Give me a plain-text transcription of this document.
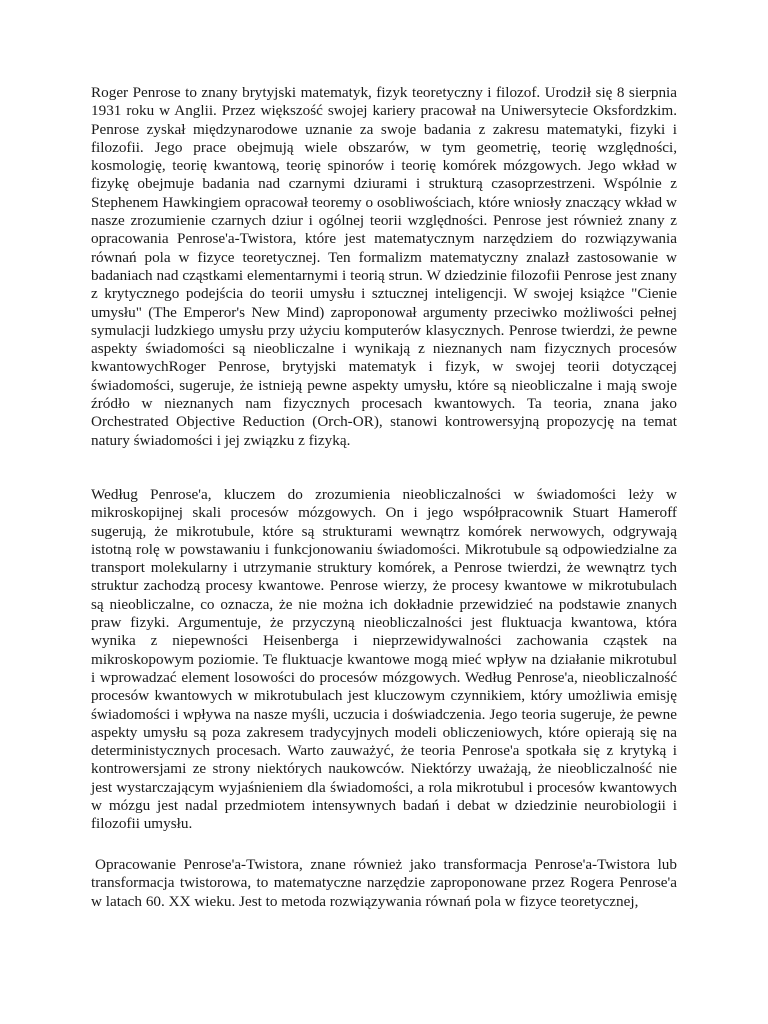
Roger Penrose to znany brytyjski matematyk, fizyk teoretyczny i filozof. Urodził się 8 sierpnia 1931 roku w Anglii. Przez większość swojej kariery pracował na Uniwersytecie Oksfordzkim. Penrose zyskał międzynarodowe uznanie za swoje badania z zakresu matematyki, fizyki i filozofii. Jego prace obejmują wiele obszarów, w tym geometrię, teorię względności, kosmologię, teorię kwantową, teorię spinorów i teorię komórek mózgowych. Jego wkład w fizykę obejmuje badania nad czarnymi dziurami i strukturą czasoprzestrzeni. Wspólnie z Stephenem Hawkingiem opracował teoremy o osobliwościach, które wniosły znaczący wkład w nasze zrozumienie czarnych dziur i ogólnej teorii względności. Penrose jest również znany z opracowania Penrose'a-Twistora, które jest matematycznym narzędziem do rozwiązywania równań pola w fizyce teoretycznej. Ten formalizm matematyczny znalazł zastosowanie w badaniach nad cząstkami elementarnymi i teorią strun. W dziedzinie filozofii Penrose jest znany z krytycznego podejścia do teorii umysłu i sztucznej inteligencji. W swojej książce "Cienie umysłu" (The Emperor's New Mind) zaproponował argumenty przeciwko możliwości pełnej symulacji ludzkiego umysłu przy użyciu komputerów klasycznych. Penrose twierdzi, że pewne aspekty świadomości są nieobliczalne i wynikają z nieznanych nam fizycznych procesów kwantowychRoger Penrose, brytyjski matematyk i fizyk, w swojej teorii dotyczącej świadomości, sugeruje, że istnieją pewne aspekty umysłu, które są nieobliczalne i mają swoje źródło w nieznanych nam fizycznych procesach kwantowych. Ta teoria, znana jako Orchestrated Objective Reduction (Orch-OR), stanowi kontrowersyjną propozycję na temat natury świadomości i jej związku z fizyką.

Według Penrose'a, kluczem do zrozumienia nieobliczalności w świadomości leży w mikroskopijnej skali procesów mózgowych. On i jego współpracownik Stuart Hameroff sugerują, że mikrotubule, które są strukturami wewnątrz komórek nerwowych, odgrywają istotną rolę w powstawaniu i funkcjonowaniu świadomości. Mikrotubule są odpowiedzialne za transport molekularny i utrzymanie struktury komórek, a Penrose twierdzi, że wewnątrz tych struktur zachodzą procesy kwantowe. Penrose wierzy, że procesy kwantowe w mikrotubulach są nieobliczalne, co oznacza, że nie można ich dokładnie przewidzieć na podstawie znanych praw fizyki. Argumentuje, że przyczyną nieobliczalności jest fluktuacja kwantowa, która wynika z niepewności Heisenberga i nieprzewidywalności zachowania cząstek na mikroskopowym poziomie. Te fluktuacje kwantowe mogą mieć wpływ na działanie mikrotubul i wprowadzać element losowości do procesów mózgowych. Według Penrose'a, nieobliczalność procesów kwantowych w mikrotubulach jest kluczowym czynnikiem, który umożliwia emisję świadomości i wpływa na nasze myśli, uczucia i doświadczenia. Jego teoria sugeruje, że pewne aspekty umysłu są poza zakresem tradycyjnych modeli obliczeniowych, które opierają się na deterministycznych procesach. Warto zauważyć, że teoria Penrose'a spotkała się z krytyką i kontrowersjami ze strony niektórych naukowców. Niektórzy uważają, że nieobliczalność nie jest wystarczającym wyjaśnieniem dla świadomości, a rola mikrotubul i procesów kwantowych w mózgu jest nadal przedmiotem intensywnych badań i debat w dziedzinie neurobiologii i filozofii umysłu.

Opracowanie Penrose'a-Twistora, znane również jako transformacja Penrose'a-Twistora lub transformacja twistorowa, to matematyczne narzędzie zaproponowane przez Rogera Penrose'a w latach 60. XX wieku. Jest to metoda rozwiązywania równań pola w fizyce teoretycznej,
